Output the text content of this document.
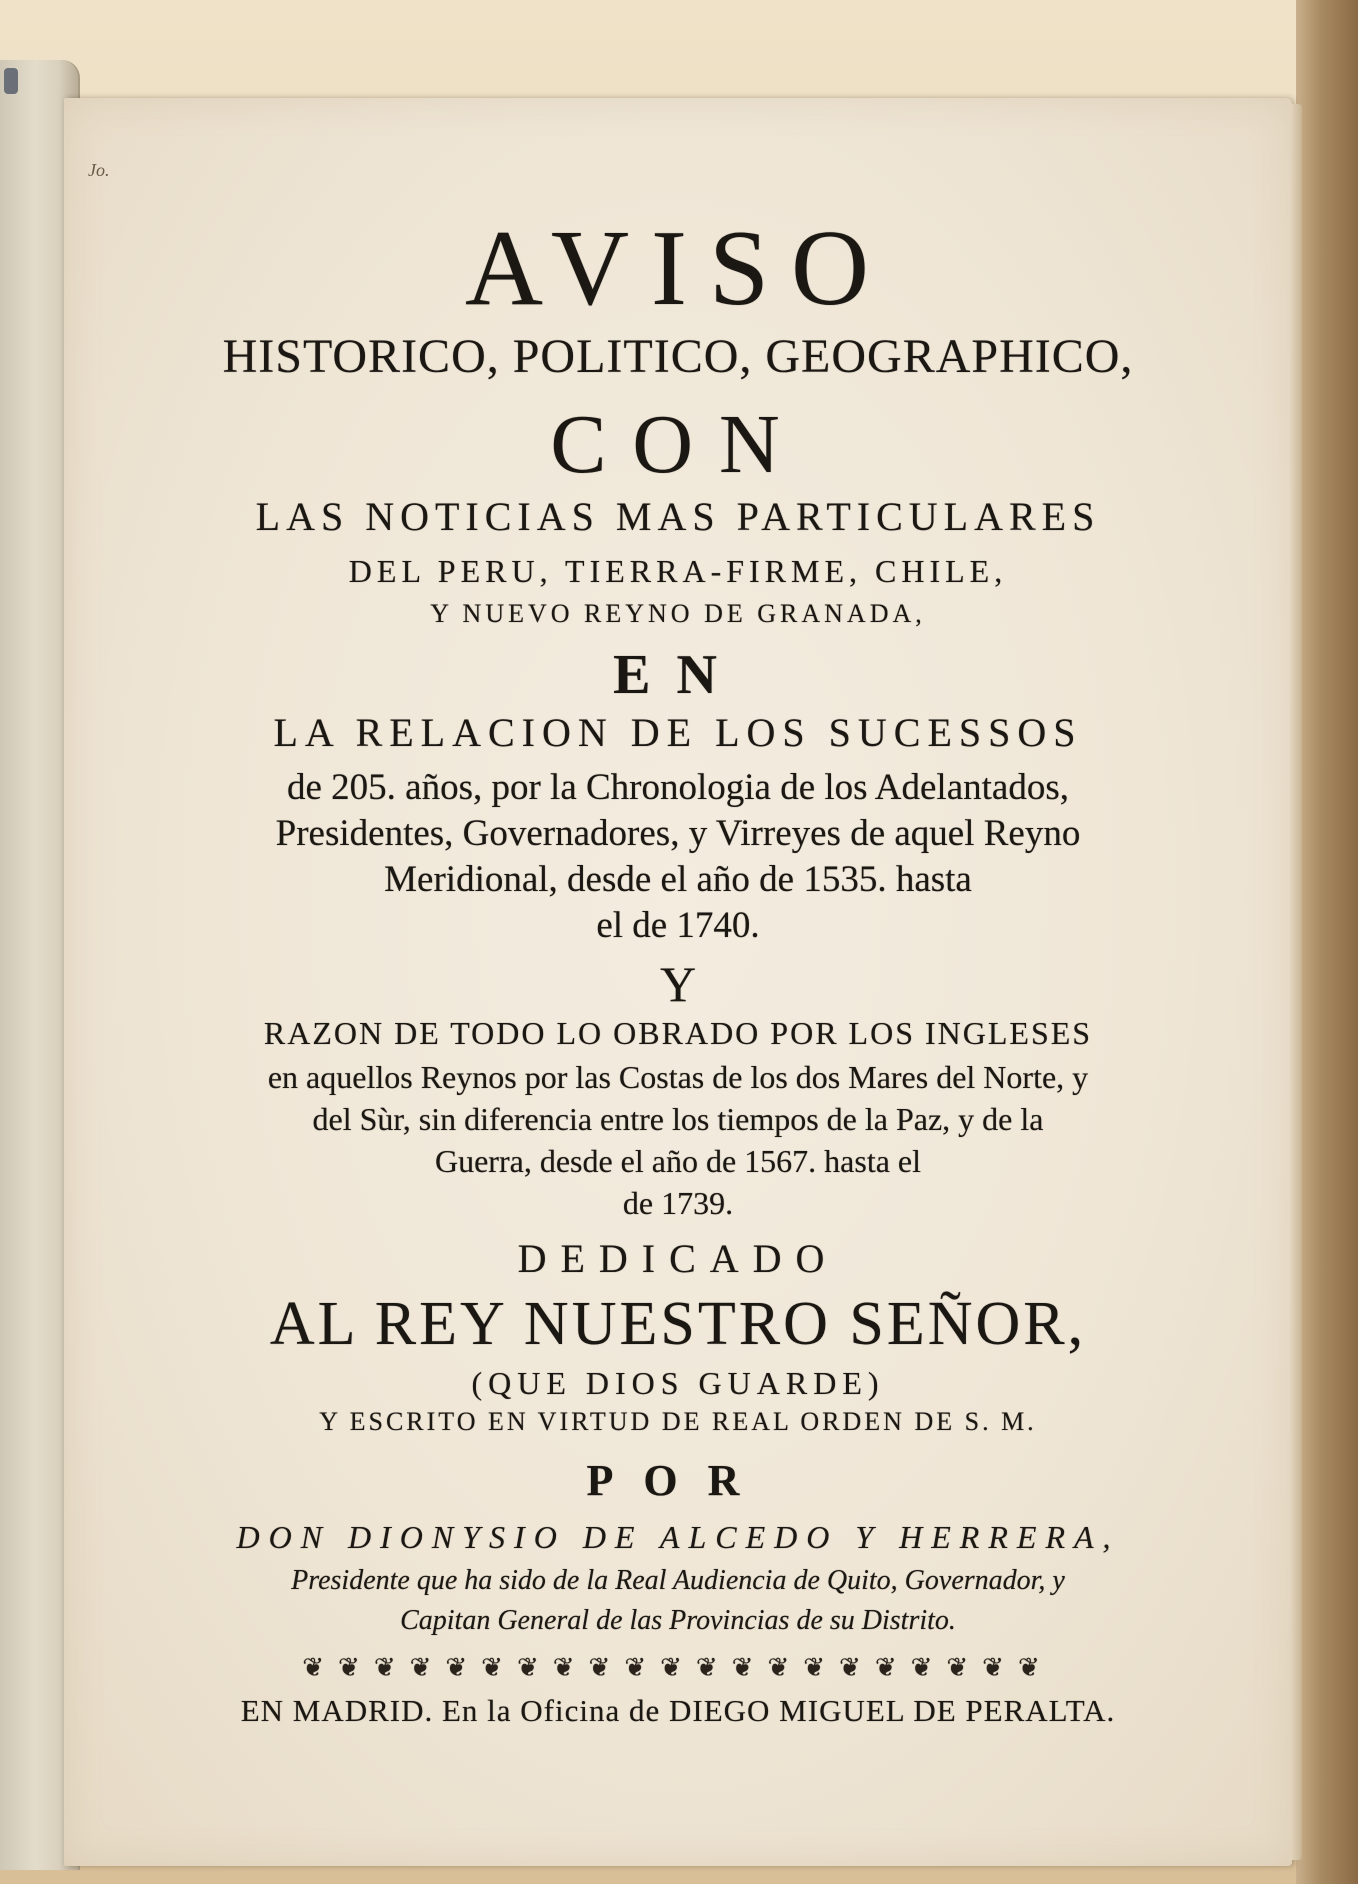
Jo.
AVISO
HISTORICO, POLITICO, GEOGRAPHICO,
CON
LAS NOTICIAS MAS PARTICULARES
DEL PERU, TIERRA-FIRME, CHILE,
Y NUEVO REYNO DE GRANADA,
EN
LA RELACION DE LOS SUCESSOS
de 205. años, por la Chronologia de los Adelantados,
Presidentes, Governadores, y Virreyes de aquel Reyno
Meridional, desde el año de 1535. hasta
el de 1740.
Y
RAZON DE TODO LO OBRADO POR LOS INGLESES
en aquellos Reynos por las Costas de los dos Mares del Norte, y
del Sùr, sin diferencia entre los tiempos de la Paz, y de la
Guerra, desde el año de 1567. hasta el
de 1739.
DEDICADO
AL REY NUESTRO SEÑOR,
(QUE DIOS GUARDE)
Y ESCRITO EN VIRTUD DE REAL ORDEN DE S. M.
POR
DON DIONYSIO DE ALCEDO Y HERRERA,
Presidente que ha sido de la Real Audiencia de Quito, Governador, y
Capitan General de las Provincias de su Distrito.
❦❦❦❦❦❦❦❦❦❦❦❦❦❦❦❦❦❦❦❦❦
EN MADRID. En la Oficina de DIEGO MIGUEL DE PERALTA.
